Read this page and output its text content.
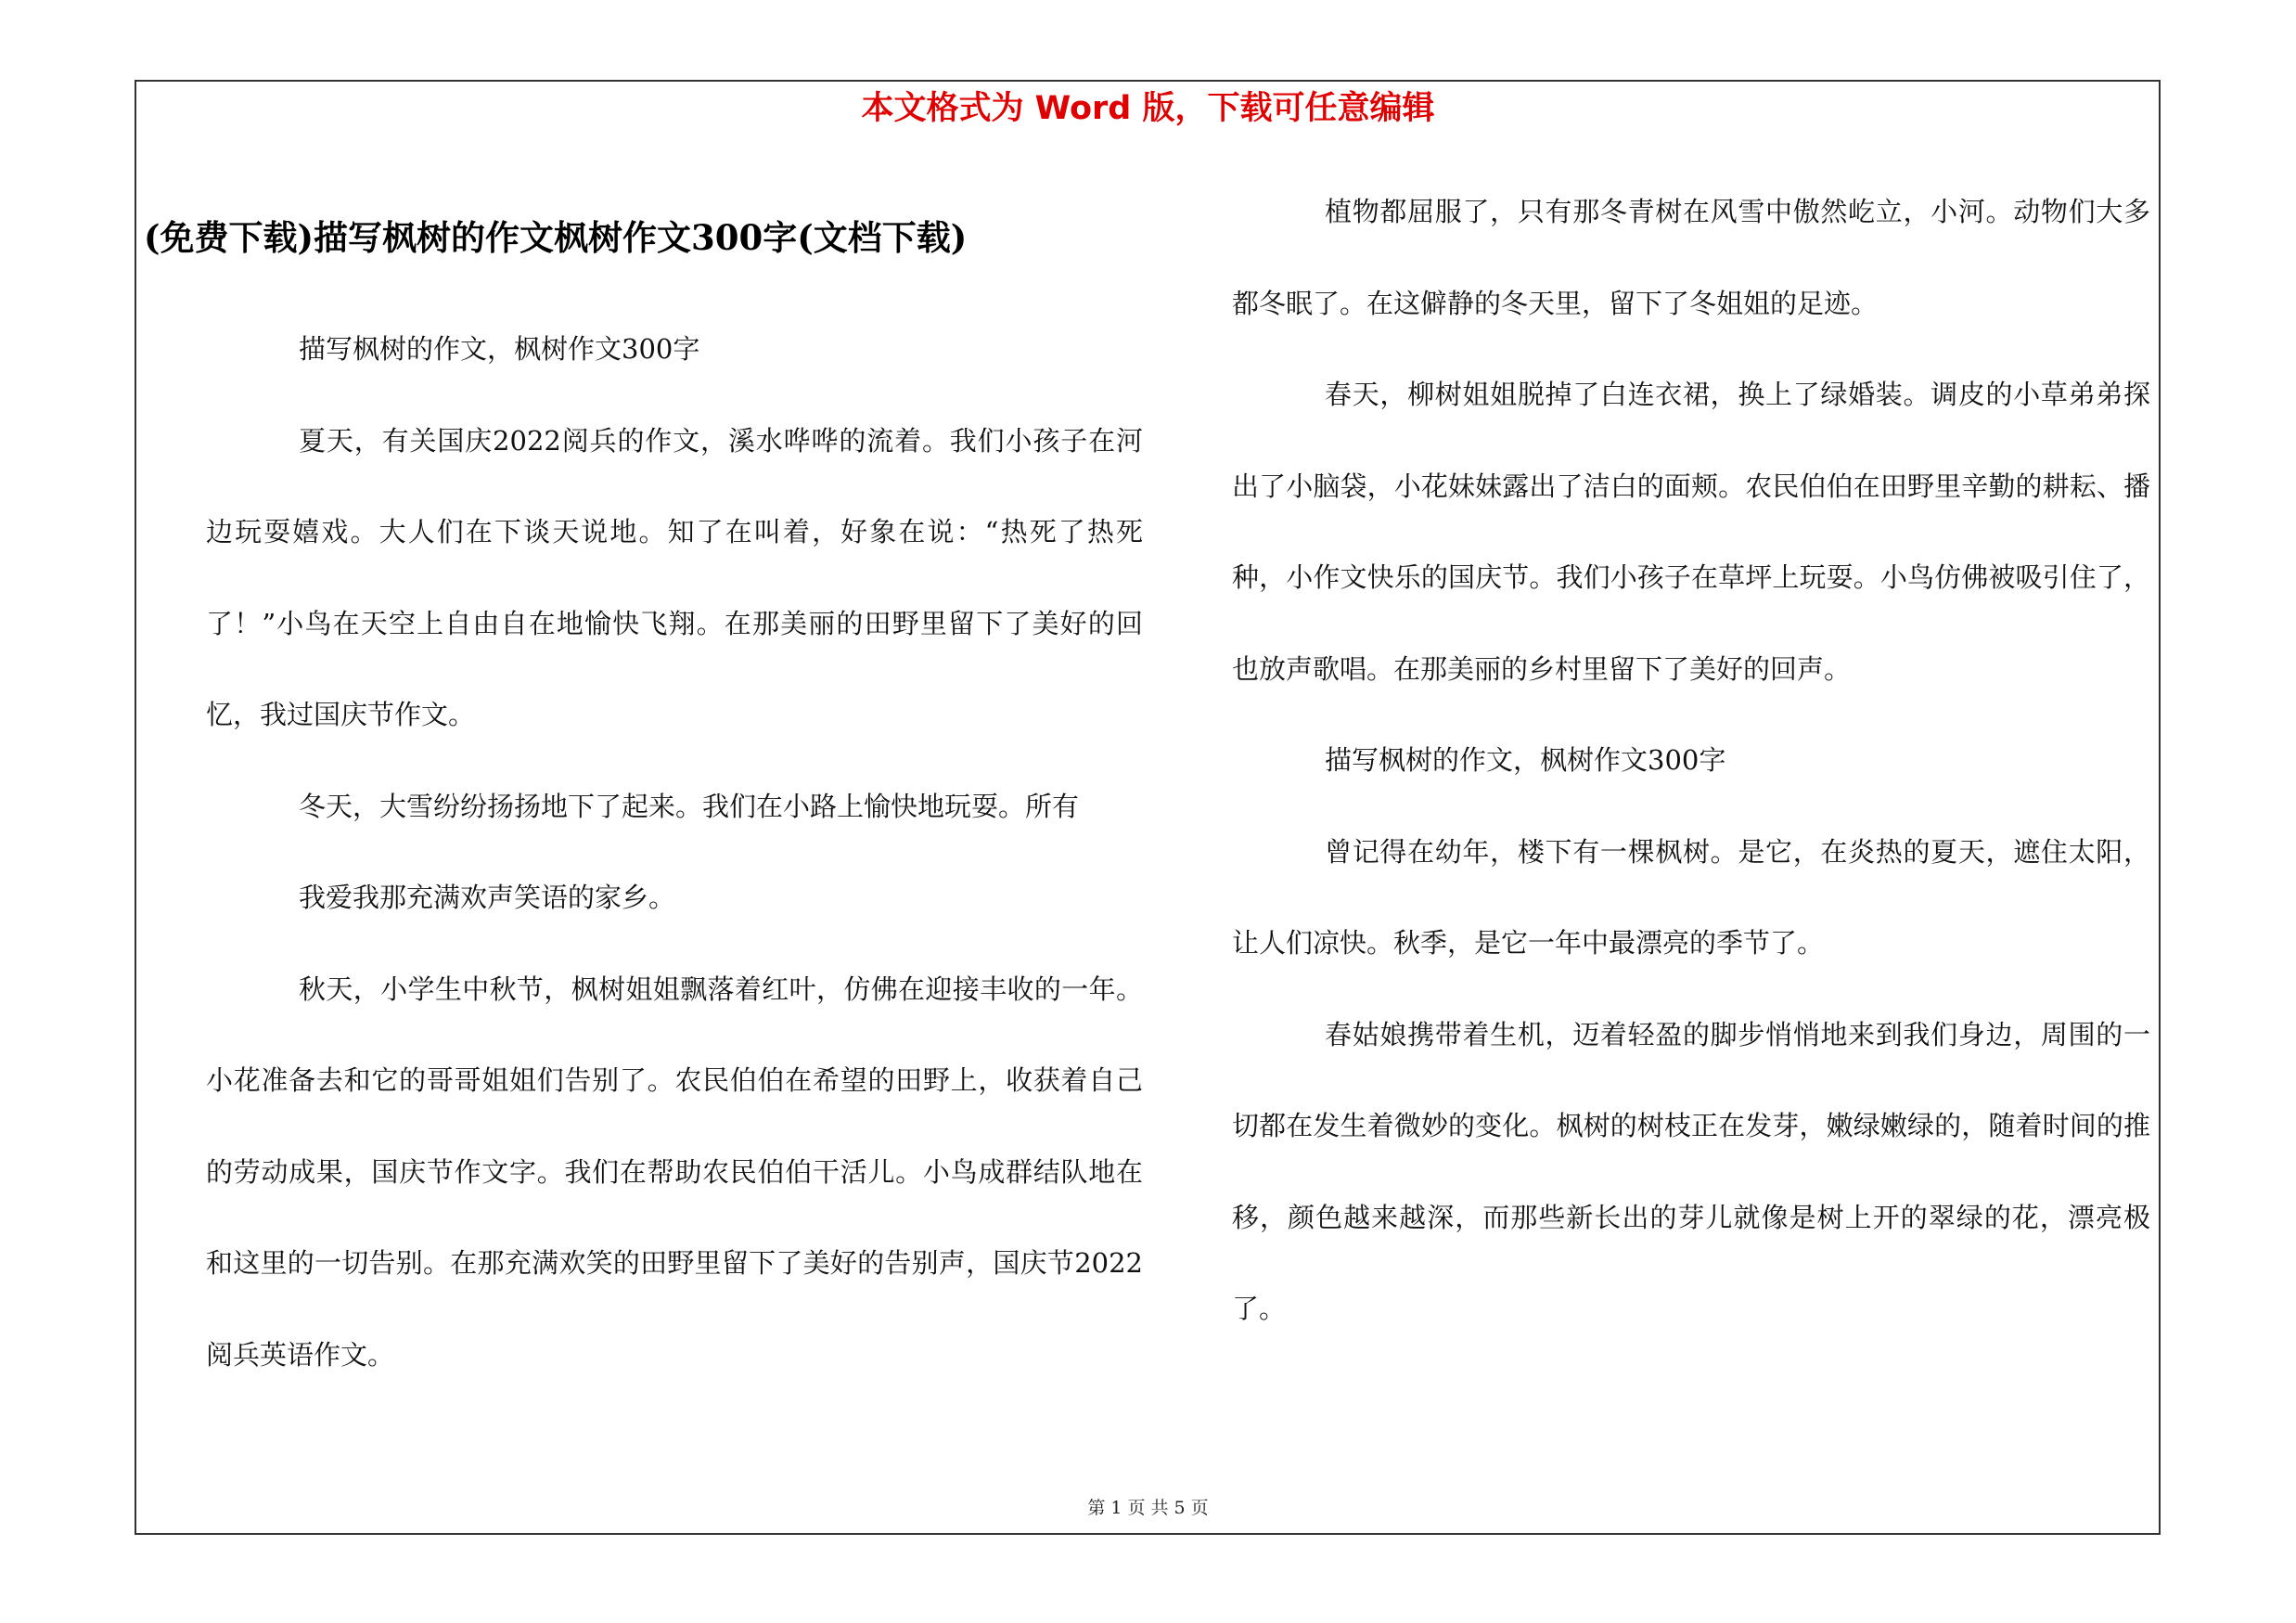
本文格式为 Word 版，下载可任意编辑
(免费下载)描写枫树的作文枫树作文300字(文档下载)

描写枫树的作文，枫树作文300字

夏天，有关国庆2022阅兵的作文，溪水哗哗的流着。我们小孩子在河边玩耍嬉戏。大人们在下谈天说地。知了在叫着，好象在说：“热死了热死了！”小鸟在天空上自由自在地愉快飞翔。在那美丽的田野里留下了美好的回忆，我过国庆节作文。

冬天，大雪纷纷扬扬地下了起来。我们在小路上愉快地玩耍。所有

我爱我那充满欢声笑语的家乡。

秋天，小学生中秋节，枫树姐姐飘落着红叶，仿佛在迎接丰收的一年。小花准备去和它的哥哥姐姐们告别了。农民伯伯在希望的田野上，收获着自己的劳动成果，国庆节作文字。我们在帮助农民伯伯干活儿。小鸟成群结队地在和这里的一切告别。在那充满欢笑的田野里留下了美好的告别声，国庆节2022阅兵英语作文。

植物都屈服了，只有那冬青树在风雪中傲然屹立，小河。动物们大多都冬眠了。在这僻静的冬天里，留下了冬姐姐的足迹。

春天，柳树姐姐脱掉了白连衣裙，换上了绿婚装。调皮的小草弟弟探出了小脑袋，小花妹妹露出了洁白的面颊。农民伯伯在田野里辛勤的耕耘、播种，小作文快乐的国庆节。我们小孩子在草坪上玩耍。小鸟仿佛被吸引住了，也放声歌唱。在那美丽的乡村里留下了美好的回声。

描写枫树的作文，枫树作文300字

曾记得在幼年，楼下有一棵枫树。是它，在炎热的夏天，遮住太阳，让人们凉快。秋季，是它一年中最漂亮的季节了。

春姑娘携带着生机，迈着轻盈的脚步悄悄地来到我们身边，周围的一切都在发生着微妙的变化。枫树的树枝正在发芽，嫩绿嫩绿的，随着时间的推移，颜色越来越深，而那些新长出的芽儿就像是树上开的翠绿的花，漂亮极了。

第 1 页 共 5 页
